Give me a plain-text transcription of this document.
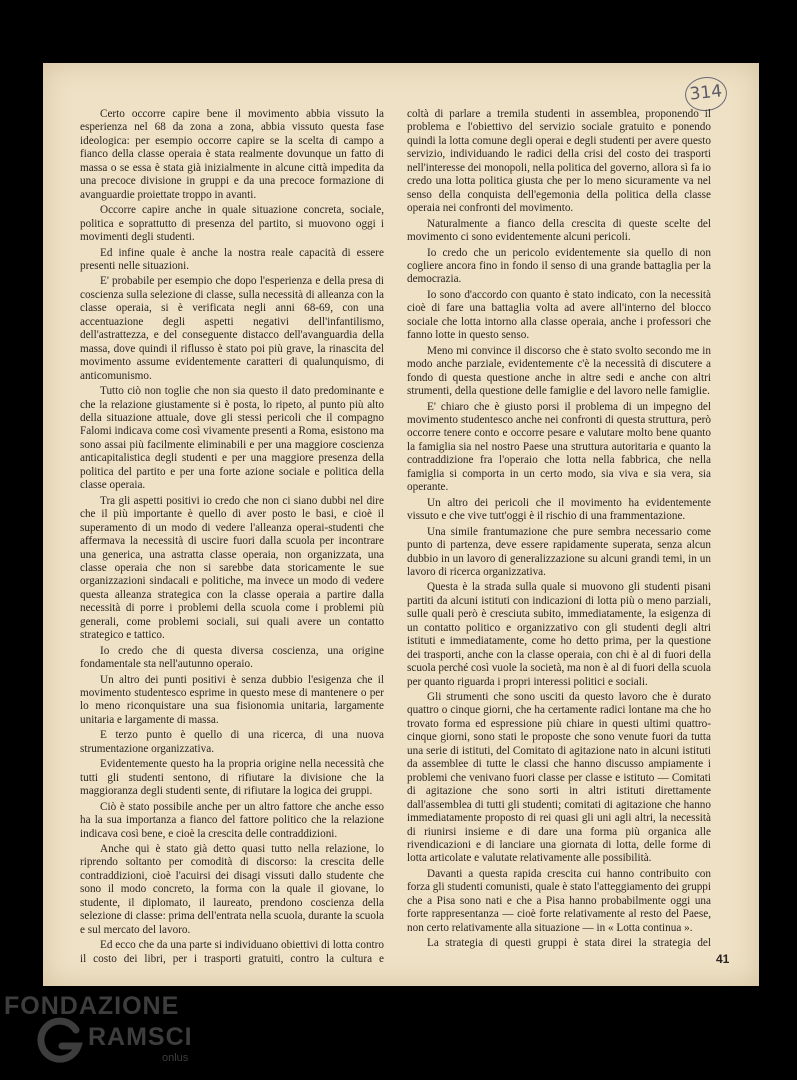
314

Certo occorre capire bene il movimento abbia vissuto la esperienza nel 68 da zona a zona, abbia vissuto questa fase ideologica: per esempio occorre capire se la scelta di campo a fianco della classe operaia è stata realmente dovunque un fatto di massa o se essa è stata già inizialmente in alcune città impedita da una precoce divisione in gruppi e da una precoce formazione di avanguardie proiettate troppo in avanti.

Occorre capire anche in quale situazione concreta, sociale, politica e soprattutto di presenza del partito, si muovono oggi i movimenti degli studenti.

Ed infine quale è anche la nostra reale capacità di essere presenti nelle situazioni.

E' probabile per esempio che dopo l'esperienza e della presa di coscienza sulla selezione di classe, sulla necessità di alleanza con la classe operaia, si è verificata negli anni 68-69, con una accentuazione degli aspetti negativi dell'infantilismo, dell'astrattezza, e del conseguente distacco dell'avanguardia della massa, dove quindi il riflusso è stato poi più grave, la rinascita del movimento assume evidentemente caratteri di qualunquismo, di anticomunismo.

Tutto ciò non toglie che non sia questo il dato predominante e che la relazione giustamente si è posta, lo ripeto, al punto più alto della situazione attuale, dove gli stessi pericoli che il compagno Falomi indicava come così vivamente presenti a Roma, esistono ma sono assai più facilmente eliminabili e per una maggiore coscienza anticapitalistica degli studenti e per una maggiore presenza della politica del partito e per una forte azione sociale e politica della classe operaia.

Tra gli aspetti positivi io credo che non ci siano dubbi nel dire che il più importante è quello di aver posto le basi, e cioè il superamento di un modo di vedere l'alleanza operai-studenti che affermava la necessità di uscire fuori dalla scuola per incontrare una generica, una astratta classe operaia, non organizzata, una classe operaia che non si sarebbe data storicamente le sue organizzazioni sindacali e politiche, ma invece un modo di vedere questa alleanza strategica con la classe operaia a partire dalla necessità di porre i problemi della scuola come i problemi più generali, come problemi sociali, sui quali avere un contatto strategico e tattico.

Io credo che di questa diversa coscienza, una origine fondamentale sta nell'autunno operaio.

Un altro dei punti positivi è senza dubbio l'esigenza che il movimento studentesco esprime in questo mese di mantenere o per lo meno riconquistare una sua fisionomia unitaria, largamente unitaria e largamente di massa.

E terzo punto è quello di una ricerca, di una nuova strumentazione organizzativa.

Evidentemente questo ha la propria origine nella necessità che tutti gli studenti sentono, di rifiutare la divisione che la maggioranza degli studenti sente, di rifiutare la logica dei gruppi.

Ciò è stato possibile anche per un altro fattore che anche esso ha la sua importanza a fianco del fattore politico che la relazione indicava così bene, e cioè la crescita delle contraddizioni.

Anche qui è stato già detto quasi tutto nella relazione, lo riprendo soltanto per comodità di discorso: la crescita delle contraddizioni, cioè l'acuirsi dei disagi vissuti dallo studente che sono il modo concreto, la forma con la quale il giovane, lo studente, il diplomato, il laureato, prendono coscienza della selezione di classe: prima dell'entrata nella scuola, durante la scuola e sul mercato del lavoro.

Ed ecco che da una parte si individuano obiettivi di lotta contro il costo dei libri, per i trasporti gratuiti, contro la cultura e

coltà di parlare a tremila studenti in assemblea, proponendo il problema e l'obiettivo del servizio sociale gratuito e ponendo quindi la lotta comune degli operai e degli studenti per avere questo servizio, individuando le radici della crisi del costo dei trasporti nell'interesse dei monopoli, nella politica del governo, allora sì fa io credo una lotta politica giusta che per lo meno sicuramente va nel senso della conquista dell'egemonia della politica della classe operaia nei confronti del movimento.

Naturalmente a fianco della crescita di queste scelte del movimento ci sono evidentemente alcuni pericoli.

Io credo che un pericolo evidentemente sia quello di non cogliere ancora fino in fondo il senso di una grande battaglia per la democrazia.

Io sono d'accordo con quanto è stato indicato, con la necessità cioè di fare una battaglia volta ad avere all'interno del blocco sociale che lotta intorno alla classe operaia, anche i professori che fanno lotte in questo senso.

Meno mi convince il discorso che è stato svolto secondo me in modo anche parziale, evidentemente c'è la necessità di discutere a fondo di questa questione anche in altre sedi e anche con altri strumenti, della questione delle famiglie e del lavoro nelle famiglie.

E' chiaro che è giusto porsi il problema di un impegno del movimento studentesco anche nei confronti di questa struttura, però occorre tenere conto e occorre pesare e valutare molto bene quanto la famiglia sia nel nostro Paese una struttura autoritaria e quanto la contraddizione fra l'operaio che lotta nella fabbrica, che nella famiglia si comporta in un certo modo, sia viva e sia vera, sia operante.

Un altro dei pericoli che il movimento ha evidentemente vissuto e che vive tutt'oggi è il rischio di una frammentazione.

Una simile frantumazione che pure sembra necessario come punto di partenza, deve essere rapidamente superata, senza alcun dubbio in un lavoro di generalizzazione su alcuni grandi temi, in un lavoro di ricerca organizzativa.

Questa è la strada sulla quale si muovono gli studenti pisani partiti da alcuni istituti con indicazioni di lotta più o meno parziali, sulle quali però è cresciuta subito, immediatamente, la esigenza di un contatto politico e organizzativo con gli studenti degli altri istituti e immediatamente, come ho detto prima, per la questione dei trasporti, anche con la classe operaia, con chi è al di fuori della scuola perché così vuole la società, ma non è al di fuori della scuola per quanto riguarda i propri interessi politici e sociali.

Gli strumenti che sono usciti da questo lavoro che è durato quattro o cinque giorni, che ha certamente radici lontane ma che ho trovato forma ed espressione più chiare in questi ultimi quattro-cinque giorni, sono stati le proposte che sono venute fuori da tutta una serie di istituti, del Comitato di agitazione nato in alcuni istituti da assemblee di tutte le classi che hanno discusso ampiamente i problemi che venivano fuori classe per classe e istituto — Comitati di agitazione che sono sorti in altri istituti direttamente dall'assemblea di tutti gli studenti; comitati di agitazione che hanno immediatamente proposto di rei quasi gli uni agli altri, la necessità di riunirsi insieme e di dare una forma più organica alle rivendicazioni e di lanciare una giornata di lotta, delle forme di lotta articolate e valutate relativamente alle possibilità.

Davanti a questa rapida crescita cui hanno contribuito con forza gli studenti comunisti, quale è stato l'atteggiamento dei gruppi che a Pisa sono nati e che a Pisa hanno probabilmente oggi una forte rappresentanza — cioè forte relativamente al resto del Paese, non certo relativamente alla situazione — in « Lotta continua ».

La strategia di questi gruppi è stata direi la strategia del

41
FONDAZIONE
RAMSCI
onlus
